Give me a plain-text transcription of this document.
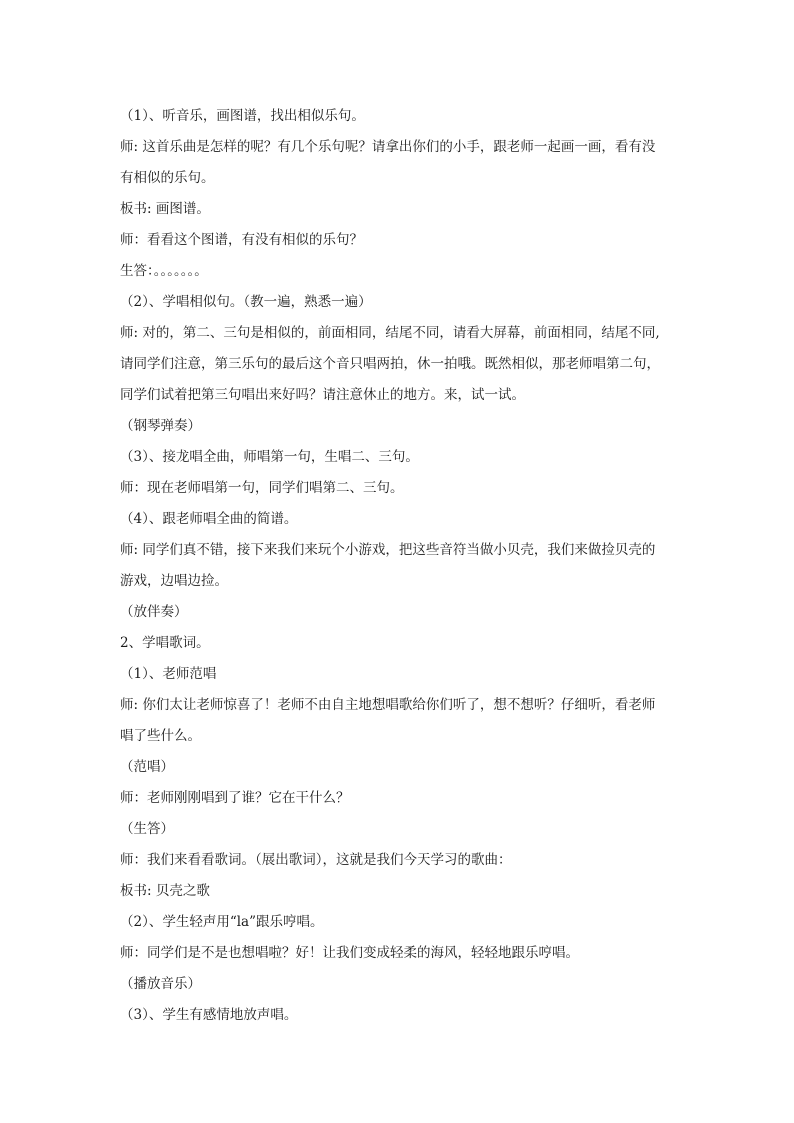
（1）、听音乐，画图谱，找出相似乐句。
师: 这首乐曲是怎样的呢？有几个乐句呢？请拿出你们的小手，跟老师一起画一画，看有没
有相似的乐句。
板书: 画图谱。
师：看看这个图谱，有没有相似的乐句？
生答：。。。。。。。
（2）、学唱相似句。（教一遍，熟悉一遍）
师: 对的，第二、三句是相似的，前面相同，结尾不同，请看大屏幕，前面相同，结尾不同,
请同学们注意，第三乐句的最后这个音只唱两拍，休一拍哦。既然相似，那老师唱第二句，
同学们试着把第三句唱出来好吗？请注意休止的地方。来，试一试。
（钢琴弹奏）
（3）、接龙唱全曲，师唱第一句，生唱二、三句。
师：现在老师唱第一句，同学们唱第二、三句。
（4）、跟老师唱全曲的简谱。
师: 同学们真不错，接下来我们来玩个小游戏，把这些音符当做小贝壳，我们来做捡贝壳的
游戏，边唱边捡。
（放伴奏）
2、学唱歌词。
（1）、老师范唱
师: 你们太让老师惊喜了！老师不由自主地想唱歌给你们听了，想不想听？仔细听，看老师
唱了些什么。
（范唱）
师：老师刚刚唱到了谁？它在干什么？
（生答）
师：我们来看看歌词。（展出歌词），这就是我们今天学习的歌曲：
板书: 贝壳之歌
（2）、学生轻声用“la”跟乐哼唱。
师：同学们是不是也想唱啦？好！让我们变成轻柔的海风，轻轻地跟乐哼唱。
（播放音乐）
（3）、学生有感情地放声唱。
